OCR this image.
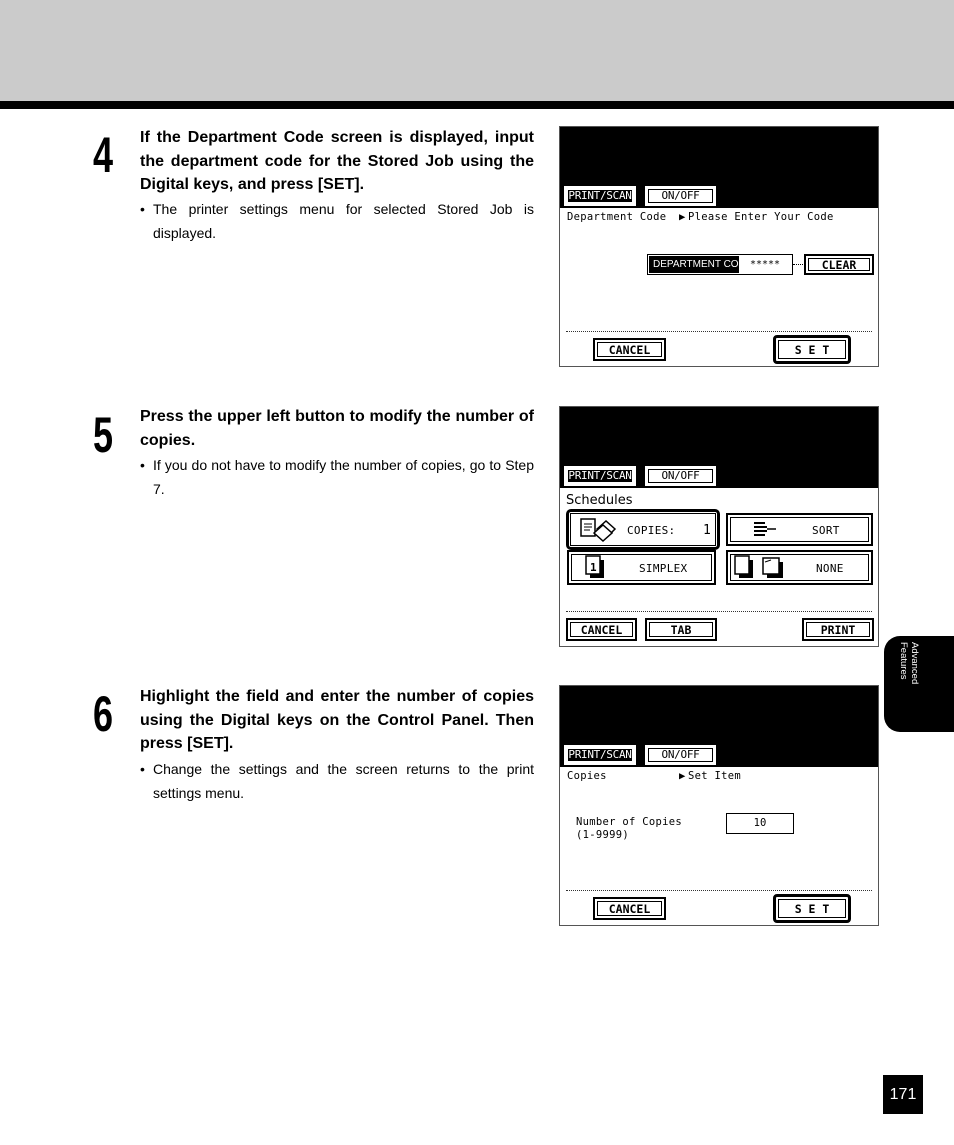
4	If the Department Code screen is displayed, input the department code for the Stored Job using the Digital keys, and press [SET].
• The printer settings menu for selected Stored Job is displayed.
PRINT/SCAN	ON/OFF
Department Code ▶ Please Enter Your Code
DEPARTMENT CODE :
*****	CLEAR
CANCEL	S E T
5	Press the upper left button to modify the number of copies.
• If you do not have to modify the number of copies, go to Step 7.
PRINT/SCAN	ON/OFF
Schedules
COPIES: 1	SORT
1	SIMPLEX	NONE
CANCEL	TAB	PRINT
6	Highlight the field and enter the number of copies using the Digital keys on the Control Panel. Then press [SET].
• Change the settings and the screen returns to the print settings menu.
PRINT/SCAN	ON/OFF
Copies	▶ Set Item
Number of Copies
(1-9999)
10
CANCEL	S E T
Advanced
Features
171
